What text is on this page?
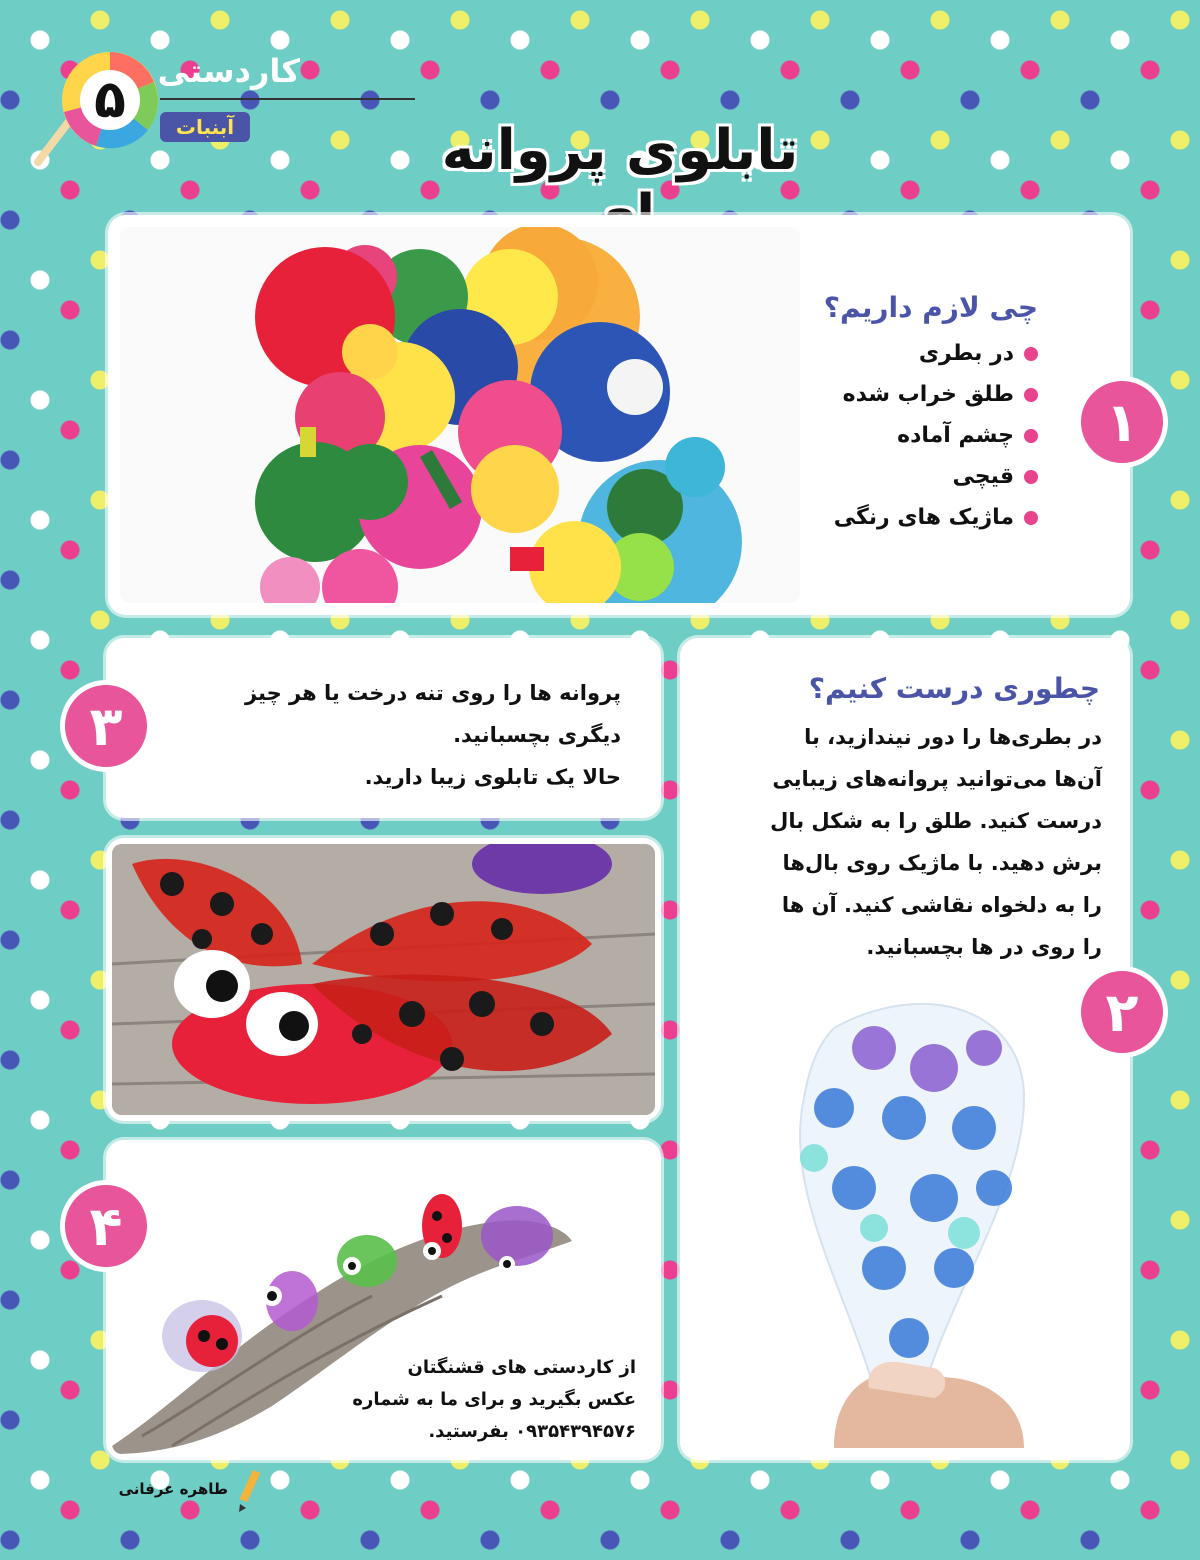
۵ کاردستی
آبنبات	تابلوی پروانه
چی لازم داریم؟
در بطری
طلق خراب شده
چشم آماده
قیچی
ماژیک های رنگی
۱
چطوری درست کنیم؟
در بطری‌ها را دور نیندازید، با
آن‌ها می‌توانید پروانه‌های زیبایی
درست کنید. طلق را به شکل بال
برش دهید. با ماژیک روی بال‌ها
را به دلخواه نقاشی کنید. آن ها
را روی در ها بچسبانید.
۲
پروانه ها را روی تنه درخت یا هر چیز
دیگری بچسبانید.
حالا یک تابلوی زیبا دارید.
۳
از کاردستی های قشنگتان
عکس بگیرید و برای ما به شماره
۰۹۳۵۴۳۹۴۵۷۶ بفرستید.
۴
طاهره عرفانی
